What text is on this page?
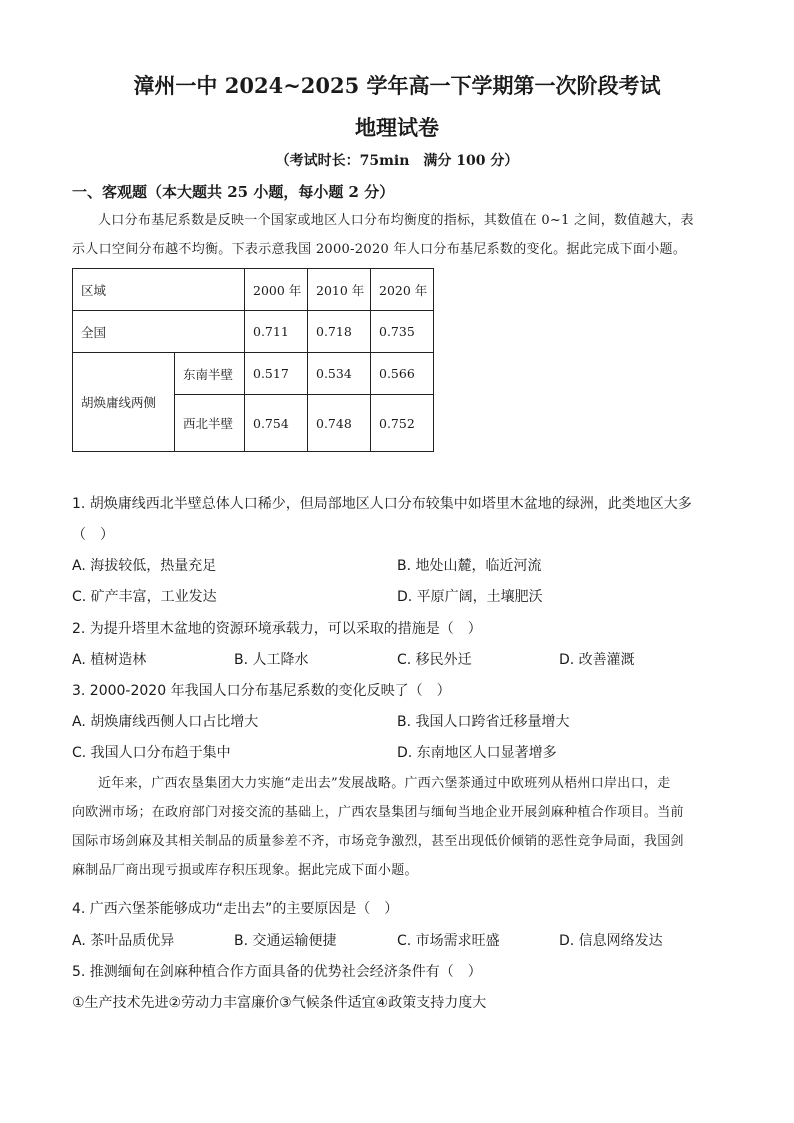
漳州一中 2024~2025 学年高一下学期第一次阶段考试
地理试卷
（考试时长：75min　满分 100 分）
一、客观题（本大题共 25 小题，每小题 2 分）
人口分布基尼系数是反映一个国家或地区人口分布均衡度的指标，其数值在 0~1 之间，数值越大，表
示人口空间分布越不均衡。下表示意我国 2000-2020 年人口分布基尼系数的变化。据此完成下面小题。
区域		2000 年	2010 年	2020 年
全国		0.711	0.718	0.735
胡焕庸线两侧	东南半壁	0.517	0.534	0.566
	西北半壁	0.754	0.748	0.752
1. 胡焕庸线西北半壁总体人口稀少，但局部地区人口分布较集中如塔里木盆地的绿洲，此类地区大多
（　）
A. 海拔较低，热量充足	B. 地处山麓，临近河流
C. 矿产丰富，工业发达	D. 平原广阔，土壤肥沃
2. 为提升塔里木盆地的资源环境承载力，可以采取的措施是（　）
A. 植树造林	B. 人工降水	C. 移民外迁	D. 改善灌溉
3. 2000-2020 年我国人口分布基尼系数的变化反映了（　）
A. 胡焕庸线西侧人口占比增大	B. 我国人口跨省迁移量增大
C. 我国人口分布趋于集中	D. 东南地区人口显著增多
近年来，广西农垦集团大力实施“走出去”发展战略。广西六堡茶通过中欧班列从梧州口岸出口，走
向欧洲市场；在政府部门对接交流的基础上，广西农垦集团与缅甸当地企业开展剑麻种植合作项目。当前
国际市场剑麻及其相关制品的质量参差不齐，市场竞争激烈，甚至出现低价倾销的恶性竞争局面，我国剑
麻制品厂商出现亏损或库存积压现象。据此完成下面小题。
4. 广西六堡茶能够成功“走出去”的主要原因是（　）
A. 茶叶品质优异	B. 交通运输便捷	C. 市场需求旺盛	D. 信息网络发达
5. 推测缅甸在剑麻种植合作方面具备的优势社会经济条件有（　）
①生产技术先进②劳动力丰富廉价③气候条件适宜④政策支持力度大
